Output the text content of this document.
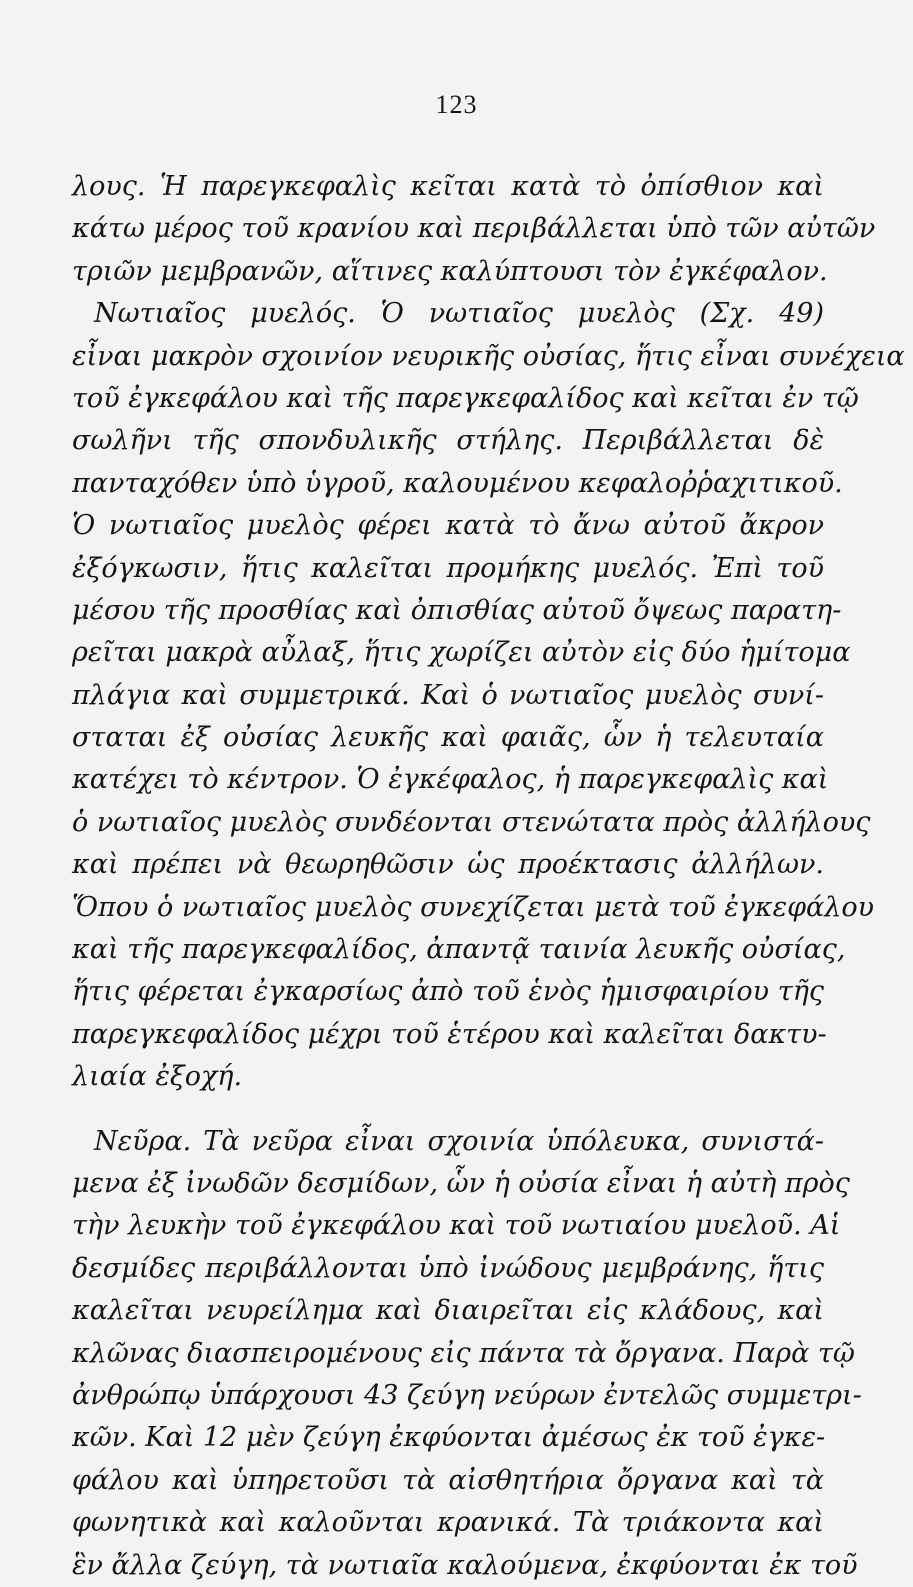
123
λους. Ἡ παρεγκεφαλὶς κεῖται κατὰ τὸ ὀπίσθιον καὶ
κάτω μέρος τοῦ κρανίου καὶ περιβάλλεται ὑπὸ τῶν αὐτῶν
τριῶν μεμβρανῶν, αἵτινες καλύπτουσι τὸν ἐγκέφαλον.
Νωτιαῖος μυελός. Ὁ νωτιαῖος μυελὸς (Σχ. 49)
εἶναι μακρὸν σχοινίον νευρικῆς οὐσίας, ἥτις εἶναι συνέχεια
τοῦ ἐγκεφάλου καὶ τῆς παρεγκεφαλίδος καὶ κεῖται ἐν τῷ
σωλῆνι τῆς σπονδυλικῆς στήλης. Περιβάλλεται δὲ
πανταχόθεν ὑπὸ ὑγροῦ, καλουμένου κεφαλοῤῥαχιτικοῦ.
Ὁ νωτιαῖος μυελὸς φέρει κατὰ τὸ ἄνω αὐτοῦ ἄκρον
ἐξόγκωσιν, ἥτις καλεῖται προμήκης μυελός. Ἐπὶ τοῦ
μέσου τῆς προσθίας καὶ ὀπισθίας αὐτοῦ ὄψεως παρατη-
ρεῖται μακρὰ αὖλαξ, ἥτις χωρίζει αὐτὸν εἰς δύο ἡμίτομα
πλάγια καὶ συμμετρικά. Καὶ ὁ νωτιαῖος μυελὸς συνί-
σταται ἐξ οὐσίας λευκῆς καὶ φαιᾶς, ὧν ἡ τελευταία
κατέχει τὸ κέντρον. Ὁ ἐγκέφαλος, ἡ παρεγκεφαλὶς καὶ
ὁ νωτιαῖος μυελὸς συνδέονται στενώτατα πρὸς ἀλλήλους
καὶ πρέπει νὰ θεωρηθῶσιν ὡς προέκτασις ἀλλήλων.
Ὅπου ὁ νωτιαῖος μυελὸς συνεχίζεται μετὰ τοῦ ἐγκεφάλου
καὶ τῆς παρεγκεφαλίδος, ἀπαντᾷ ταινία λευκῆς οὐσίας,
ἥτις φέρεται ἐγκαρσίως ἀπὸ τοῦ ἑνὸς ἡμισφαιρίου τῆς
παρεγκεφαλίδος μέχρι τοῦ ἑτέρου καὶ καλεῖται δακτυ-
λιαία ἐξοχή.
Νεῦρα. Τὰ νεῦρα εἶναι σχοινία ὑπόλευκα, συνιστά-
μενα ἐξ ἰνωδῶν δεσμίδων, ὧν ἡ οὐσία εἶναι ἡ αὐτὴ πρὸς
τὴν λευκὴν τοῦ ἐγκεφάλου καὶ τοῦ νωτιαίου μυελοῦ. Αἱ
δεσμίδες περιβάλλονται ὑπὸ ἰνώδους μεμβράνης, ἥτις
καλεῖται νευρείλημα καὶ διαιρεῖται εἰς κλάδους, καὶ
κλῶνας διασπειρομένους εἰς πάντα τὰ ὄργανα. Παρὰ τῷ
ἀνθρώπῳ ὑπάρχουσι 43 ζεύγη νεύρων ἐντελῶς συμμετρι-
κῶν. Καὶ 12 μὲν ζεύγη ἐκφύονται ἀμέσως ἐκ τοῦ ἐγκε-
φάλου καὶ ὑπηρετοῦσι τὰ αἰσθητήρια ὄργανα καὶ τὰ
φωνητικὰ καὶ καλοῦνται κρανικά. Τὰ τριάκοντα καὶ
ἓν ἄλλα ζεύγη, τὰ νωτιαῖα καλούμενα, ἐκφύονται ἐκ τοῦ
